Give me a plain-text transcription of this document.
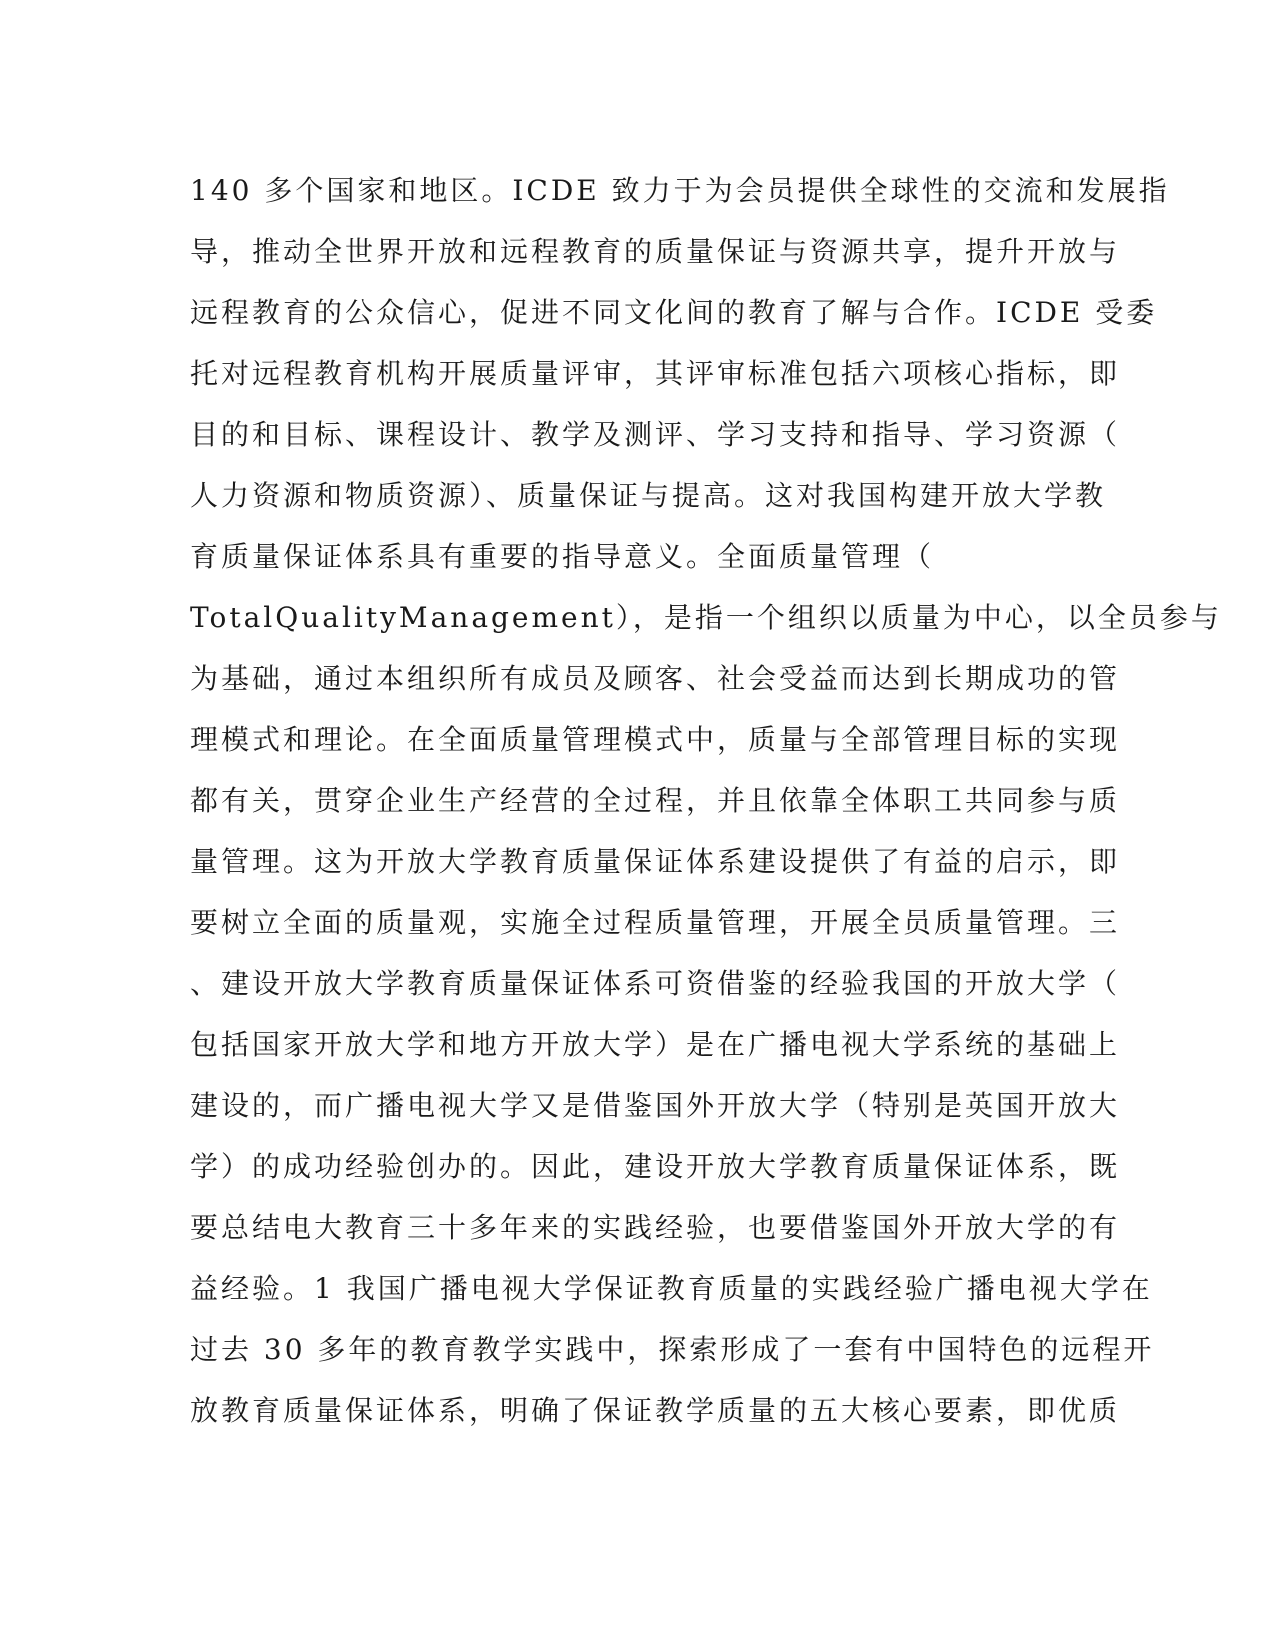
140 多个国家和地区。ICDE 致力于为会员提供全球性的交流和发展指
导，推动全世界开放和远程教育的质量保证与资源共享，提升开放与
远程教育的公众信心，促进不同文化间的教育了解与合作。ICDE 受委
托对远程教育机构开展质量评审，其评审标准包括六项核心指标，即
目的和目标、课程设计、教学及测评、学习支持和指导、学习资源（
人力资源和物质资源）、质量保证与提高。这对我国构建开放大学教
育质量保证体系具有重要的指导意义。全面质量管理（
TotalQualityManagement），是指一个组织以质量为中心，以全员参与
为基础，通过本组织所有成员及顾客、社会受益而达到长期成功的管
理模式和理论。在全面质量管理模式中，质量与全部管理目标的实现
都有关，贯穿企业生产经营的全过程，并且依靠全体职工共同参与质
量管理。这为开放大学教育质量保证体系建设提供了有益的启示，即
要树立全面的质量观，实施全过程质量管理，开展全员质量管理。三
、建设开放大学教育质量保证体系可资借鉴的经验我国的开放大学（
包括国家开放大学和地方开放大学）是在广播电视大学系统的基础上
建设的，而广播电视大学又是借鉴国外开放大学（特别是英国开放大
学）的成功经验创办的。因此，建设开放大学教育质量保证体系，既
要总结电大教育三十多年来的实践经验，也要借鉴国外开放大学的有
益经验。1 我国广播电视大学保证教育质量的实践经验广播电视大学在
过去 30 多年的教育教学实践中，探索形成了一套有中国特色的远程开
放教育质量保证体系，明确了保证教学质量的五大核心要素，即优质
